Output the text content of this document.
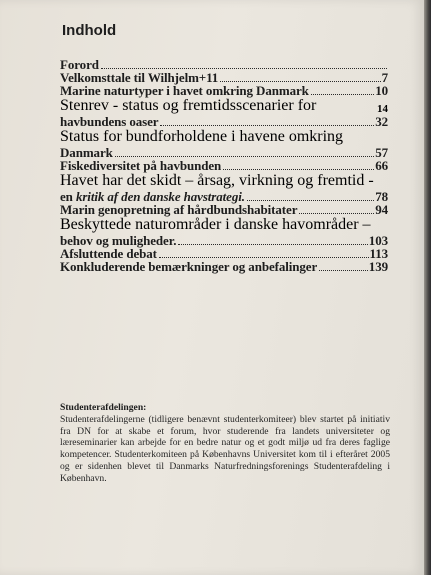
Indhold
Forord
Velkomsttale til Wilhjelm+11	7
Marine naturtyper i havet omkring Danmark	10
Stenrev - status og fremtidsscenarier for	14
havbundens oaser	32
Status for bundforholdene i havene omkring
Danmark	57
Fiskediversitet på havbunden	66
Havet har det skidt – årsag, virkning og fremtid -
en kritik af den danske havstrategi.	78
Marin genopretning af hårdbundshabitater	94
Beskyttede naturområder i danske havområder –
behov og muligheder.	103
Afsluttende debat	113
Konkluderende bemærkninger og anbefalinger	139
Studenterafdelingen:
Studenterafdelingerne (tidligere benævnt studenterkomiteer) blev startet på initiativ fra DN for at skabe et forum, hvor studerende fra landets universiteter og læreseminarier kan arbejde for en bedre natur og et godt miljø ud fra deres faglige kompetencer. Studenterkomiteen på Københavns Universitet kom til i efteråret 2005 og er sidenhen blevet til Danmarks Naturfredningsforenings Studenterafdeling i København.
